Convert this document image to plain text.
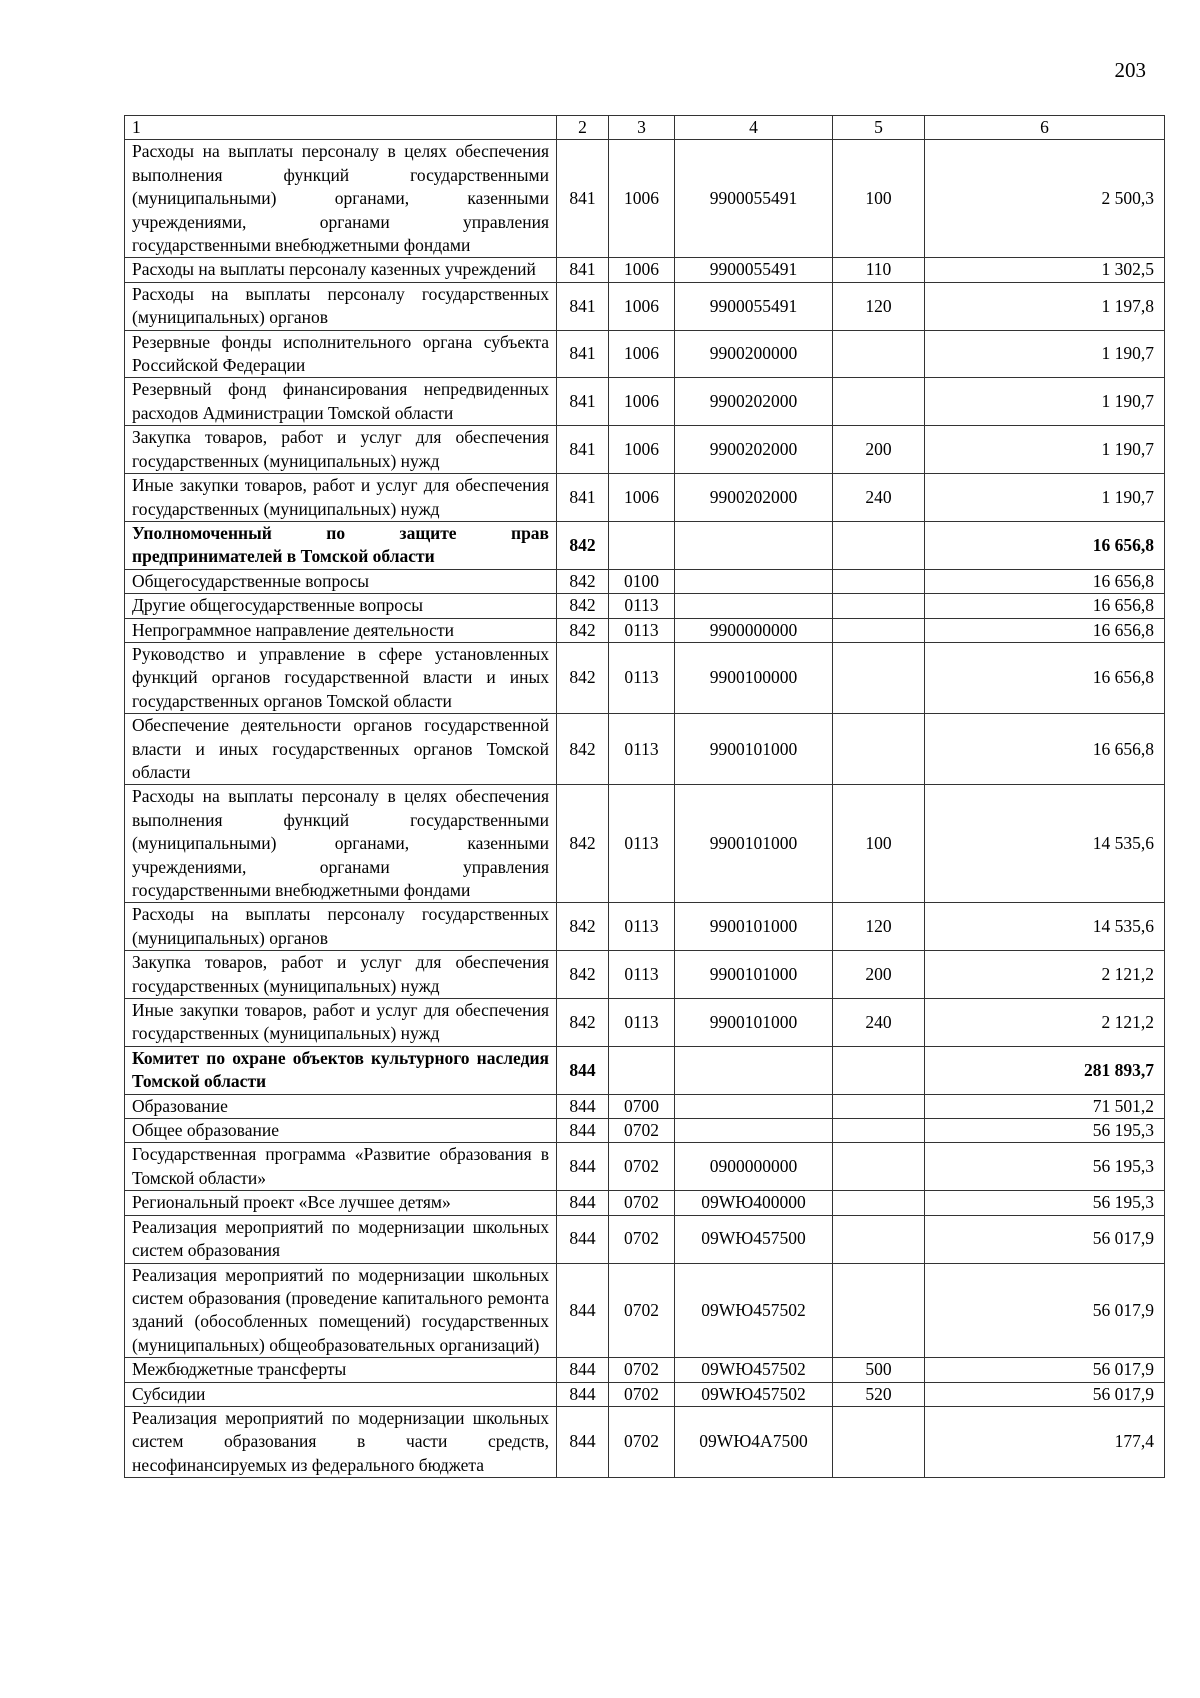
203
1	2	3	4	5	6
Расходы на выплаты персоналу в целях обеспечения выполнения функций государственными (муниципальными) органами, казенными учреждениями, органами управления государственными внебюджетными фондами	841	1006	9900055491	100	2 500,3
Расходы на выплаты персоналу казенных учреждений	841	1006	9900055491	110	1 302,5
Расходы на выплаты персоналу государственных (муниципальных) органов	841	1006	9900055491	120	1 197,8
Резервные фонды исполнительного органа субъекта Российской Федерации	841	1006	9900200000		1 190,7
Резервный фонд финансирования непредвиденных расходов Администрации Томской области	841	1006	9900202000		1 190,7
Закупка товаров, работ и услуг для обеспечения государственных (муниципальных) нужд	841	1006	9900202000	200	1 190,7
Иные закупки товаров, работ и услуг для обеспечения государственных (муниципальных) нужд	841	1006	9900202000	240	1 190,7
Уполномоченный по защите прав предпринимателей в Томской области	842				16 656,8
Общегосударственные вопросы	842	0100			16 656,8
Другие общегосударственные вопросы	842	0113			16 656,8
Непрограммное направление деятельности	842	0113	9900000000		16 656,8
Руководство и управление в сфере установленных функций органов государственной власти и иных государственных органов Томской области	842	0113	9900100000		16 656,8
Обеспечение деятельности органов государственной власти и иных государственных органов Томской области	842	0113	9900101000		16 656,8
Расходы на выплаты персоналу в целях обеспечения выполнения функций государственными (муниципальными) органами, казенными учреждениями, органами управления государственными внебюджетными фондами	842	0113	9900101000	100	14 535,6
Расходы на выплаты персоналу государственных (муниципальных) органов	842	0113	9900101000	120	14 535,6
Закупка товаров, работ и услуг для обеспечения государственных (муниципальных) нужд	842	0113	9900101000	200	2 121,2
Иные закупки товаров, работ и услуг для обеспечения государственных (муниципальных) нужд	842	0113	9900101000	240	2 121,2
Комитет по охране объектов культурного наследия Томской области	844				281 893,7
Образование	844	0700			71 501,2
Общее образование	844	0702			56 195,3
Государственная программа «Развитие образования в Томской области»	844	0702	0900000000		56 195,3
Региональный проект «Все лучшее детям»	844	0702	09WЮ400000		56 195,3
Реализация мероприятий по модернизации школьных систем образования	844	0702	09WЮ457500		56 017,9
Реализация мероприятий по модернизации школьных систем образования (проведение капитального ремонта зданий (обособленных помещений) государственных (муниципальных) общеобразовательных организаций)	844	0702	09WЮ457502		56 017,9
Межбюджетные трансферты	844	0702	09WЮ457502	500	56 017,9
Субсидии	844	0702	09WЮ457502	520	56 017,9
Реализация мероприятий по модернизации школьных систем образования в части средств, несофинансируемых из федерального бюджета	844	0702	09WЮ4A7500		177,4
